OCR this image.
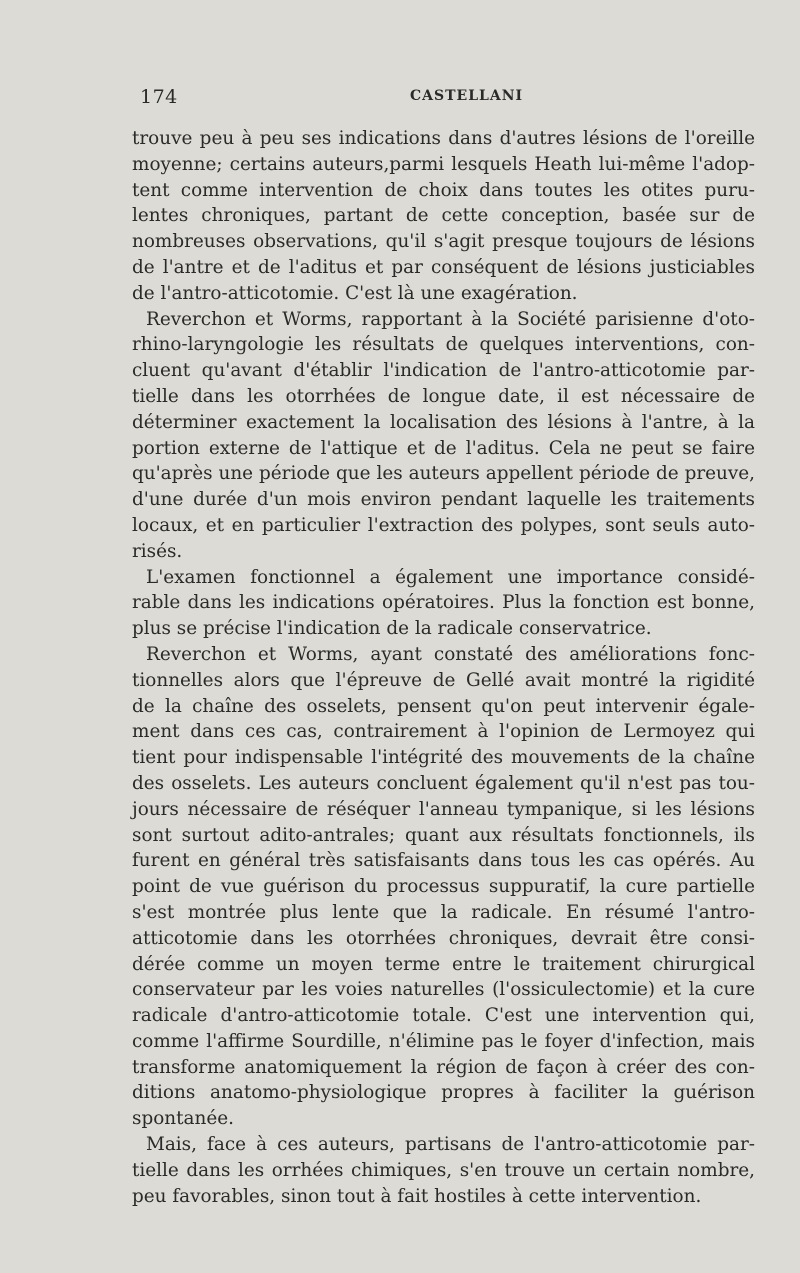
174	CASTELLANI
trouve peu à peu ses indications dans d'autres lésions de l'oreille
moyenne; certains auteurs,parmi lesquels Heath lui-même l'adop-
tent comme intervention de choix dans toutes les otites puru-
lentes chroniques, partant de cette conception, basée sur de
nombreuses observations, qu'il s'agit presque toujours de lésions
de l'antre et de l'aditus et par conséquent de lésions justiciables
de l'antro-atticotomie. C'est là une exagération.
Reverchon et Worms, rapportant à la Société parisienne d'oto-
rhino-laryngologie les résultats de quelques interventions, con-
cluent qu'avant d'établir l'indication de l'antro-atticotomie par-
tielle dans les otorrhées de longue date, il est nécessaire de
déterminer exactement la localisation des lésions à l'antre, à la
portion externe de l'attique et de l'aditus. Cela ne peut se faire
qu'après une période que les auteurs appellent période de preuve,
d'une durée d'un mois environ pendant laquelle les traitements
locaux, et en particulier l'extraction des polypes, sont seuls auto-
risés.
L'examen fonctionnel a également une importance considé-
rable dans les indications opératoires. Plus la fonction est bonne,
plus se précise l'indication de la radicale conservatrice.
Reverchon et Worms, ayant constaté des améliorations fonc-
tionnelles alors que l'épreuve de Gellé avait montré la rigidité
de la chaîne des osselets, pensent qu'on peut intervenir égale-
ment dans ces cas, contrairement à l'opinion de Lermoyez qui
tient pour indispensable l'intégrité des mouvements de la chaîne
des osselets. Les auteurs concluent également qu'il n'est pas tou-
jours nécessaire de réséquer l'anneau tympanique, si les lésions
sont surtout adito-antrales; quant aux résultats fonctionnels, ils
furent en général très satisfaisants dans tous les cas opérés. Au
point de vue guérison du processus suppuratif, la cure partielle
s'est montrée plus lente que la radicale. En résumé l'antro-
atticotomie dans les otorrhées chroniques, devrait être consi-
dérée comme un moyen terme entre le traitement chirurgical
conservateur par les voies naturelles (l'ossiculectomie) et la cure
radicale d'antro-atticotomie totale. C'est une intervention qui,
comme l'affirme Sourdille, n'élimine pas le foyer d'infection, mais
transforme anatomiquement la région de façon à créer des con-
ditions anatomo-physiologique propres à faciliter la guérison
spontanée.
Mais, face à ces auteurs, partisans de l'antro-atticotomie par-
tielle dans les orrhées chimiques, s'en trouve un certain nombre,
peu favorables, sinon tout à fait hostiles à cette intervention.
